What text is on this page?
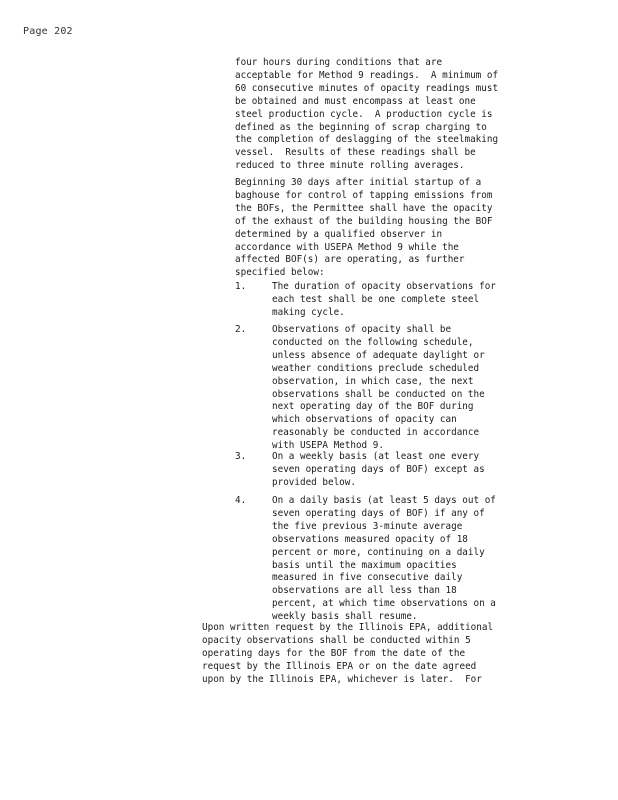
Page 202
four hours during conditions that are
acceptable for Method 9 readings.  A minimum of
60 consecutive minutes of opacity readings must
be obtained and must encompass at least one
steel production cycle.  A production cycle is
defined as the beginning of scrap charging to
the completion of deslagging of the steelmaking
vessel.  Results of these readings shall be
reduced to three minute rolling averages.
Beginning 30 days after initial startup of a
baghouse for control of tapping emissions from
the BOFs, the Permittee shall have the opacity
of the exhaust of the building housing the BOF
determined by a qualified observer in
accordance with USEPA Method 9 while the
affected BOF(s) are operating, as further
specified below:
1.	The duration of opacity observations for
each test shall be one complete steel
making cycle.
2.	Observations of opacity shall be
conducted on the following schedule,
unless absence of adequate daylight or
weather conditions preclude scheduled
observation, in which case, the next
observations shall be conducted on the
next operating day of the BOF during
which observations of opacity can
reasonably be conducted in accordance
with USEPA Method 9.
3.	On a weekly basis (at least one every
seven operating days of BOF) except as
provided below.
4.	On a daily basis (at least 5 days out of
seven operating days of BOF) if any of
the five previous 3-minute average
observations measured opacity of 18
percent or more, continuing on a daily
basis until the maximum opacities
measured in five consecutive daily
observations are all less than 18
percent, at which time observations on a
weekly basis shall resume.
Upon written request by the Illinois EPA, additional
opacity observations shall be conducted within 5
operating days for the BOF from the date of the
request by the Illinois EPA or on the date agreed
upon by the Illinois EPA, whichever is later.  For
